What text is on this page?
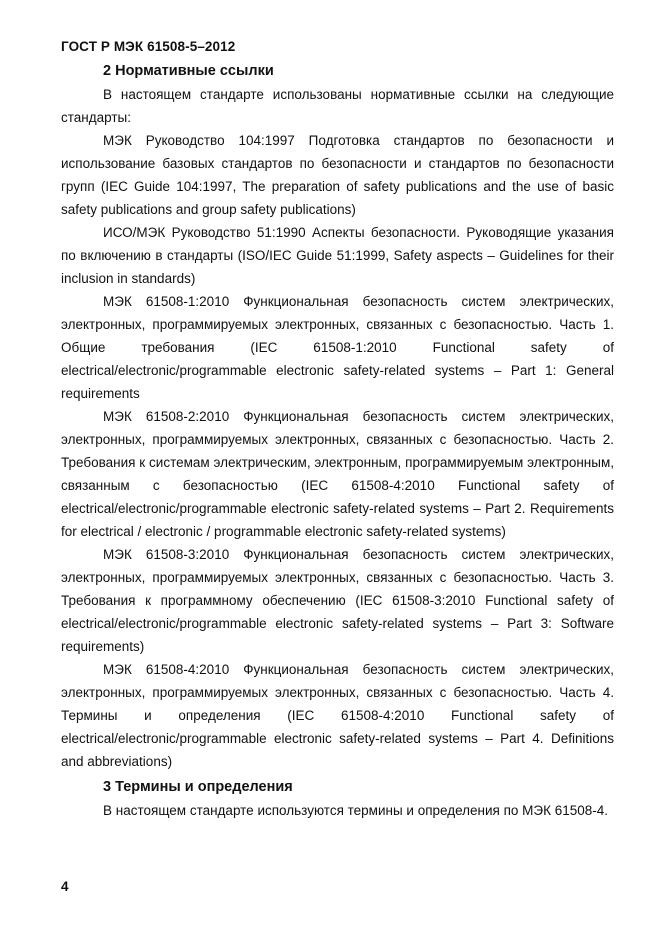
ГОСТ Р МЭК 61508-5–2012
2 Нормативные ссылки

В настоящем стандарте использованы нормативные ссылки на следующие стандарты:

МЭК Руководство 104:1997 Подготовка стандартов по безопасности и использование базовых стандартов по безопасности и стандартов по безопасности групп (IEC Guide 104:1997, The preparation of safety publications and the use of basic safety publications and group safety publications)

ИСО/МЭК Руководство 51:1990 Аспекты безопасности. Руководящие указания по включению в стандарты (ISO/IEC Guide 51:1999, Safety aspects – Guidelines for their inclusion in standards)

МЭК 61508-1:2010 Функциональная безопасность систем электрических, электронных, программируемых электронных, связанных с безопасностью. Часть 1. Общие требования (IEC 61508-1:2010 Functional safety of electrical/electronic/programmable electronic safety-related systems – Part 1: General requirements

МЭК 61508-2:2010 Функциональная безопасность систем электрических, электронных, программируемых электронных, связанных с безопасностью. Часть 2. Требования к системам электрическим, электронным, программируемым электронным, связанным с безопасностью (IEC 61508-4:2010 Functional safety of electrical/electronic/programmable electronic safety-related systems – Part 2. Requirements for electrical / electronic / programmable electronic safety-related systems)

МЭК 61508-3:2010 Функциональная безопасность систем электрических, электронных, программируемых электронных, связанных с безопасностью. Часть 3. Требования к программному обеспечению (IEC 61508-3:2010 Functional safety of electrical/electronic/programmable electronic safety-related systems – Part 3: Software requirements)

МЭК 61508-4:2010 Функциональная безопасность систем электрических, электронных, программируемых электронных, связанных с безопасностью. Часть 4. Термины и определения (IEC 61508-4:2010 Functional safety of electrical/electronic/programmable electronic safety-related systems – Part 4. Definitions and abbreviations)

3 Термины и определения

В настоящем стандарте используются термины и определения по МЭК 61508-4.

4
